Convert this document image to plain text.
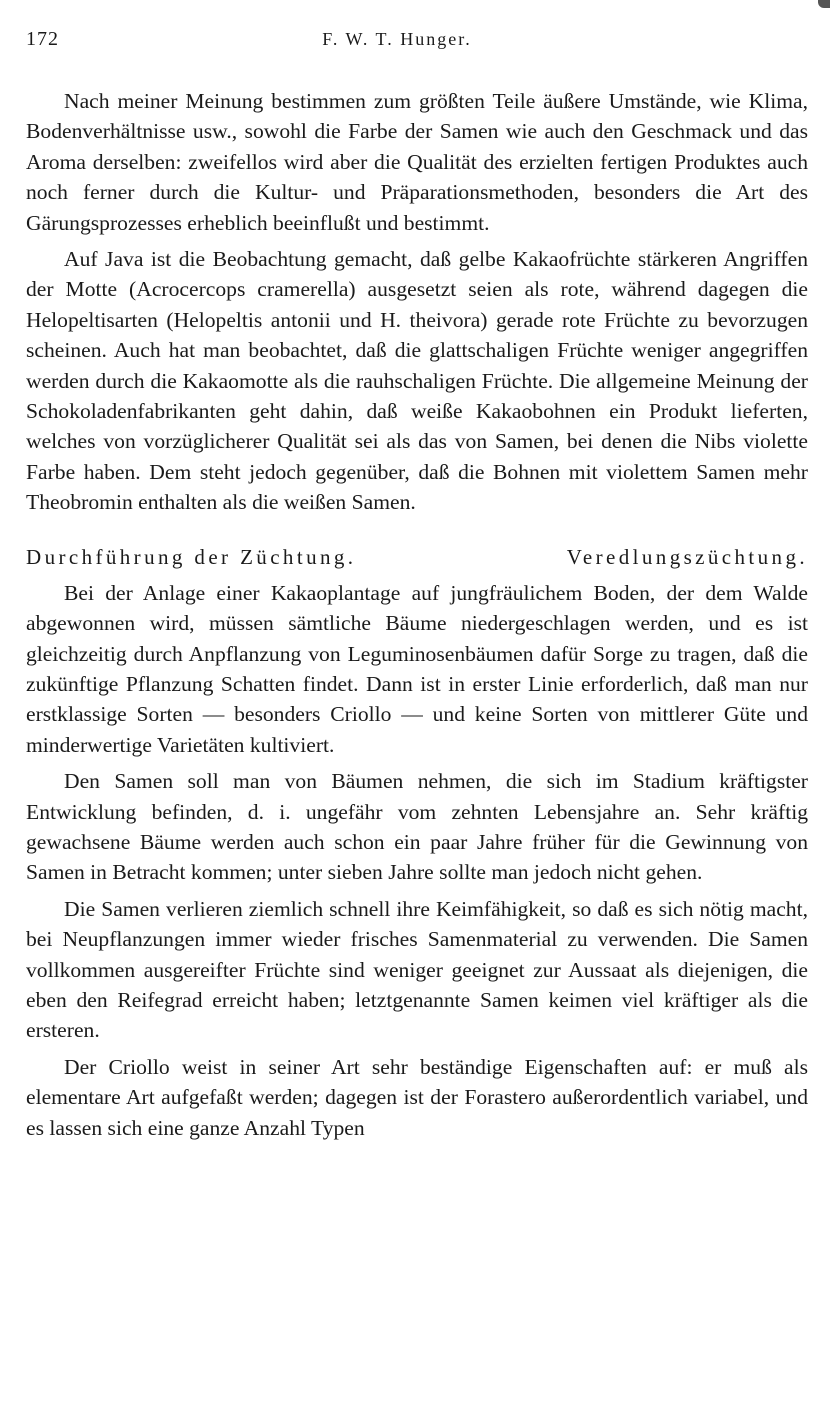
172	F. W. T. Hunger.

Nach meiner Meinung bestimmen zum größten Teile äußere Umstände, wie Klima, Bodenverhältnisse usw., sowohl die Farbe der Samen wie auch den Geschmack und das Aroma derselben: zweifellos wird aber die Qualität des erzielten fertigen Produktes auch noch ferner durch die Kultur- und Präparationsmethoden, besonders die Art des Gärungsprozesses erheblich beeinflußt und bestimmt.

Auf Java ist die Beobachtung gemacht, daß gelbe Kakaofrüchte stärkeren Angriffen der Motte (Acrocercops cramerella) ausgesetzt seien als rote, während dagegen die Helopeltisarten (Helopeltis antonii und H. theivora) gerade rote Früchte zu bevorzugen scheinen. Auch hat man beobachtet, daß die glattschaligen Früchte weniger angegriffen werden durch die Kakaomotte als die rauhschaligen Früchte. Die allgemeine Meinung der Schokoladenfabrikanten geht dahin, daß weiße Kakaobohnen ein Produkt lieferten, welches von vorzüglicherer Qualität sei als das von Samen, bei denen die Nibs violette Farbe haben. Dem steht jedoch gegenüber, daß die Bohnen mit violettem Samen mehr Theobromin enthalten als die weißen Samen.

Durchführung der Züchtung.	Veredlungszüchtung.

Bei der Anlage einer Kakaoplantage auf jungfräulichem Boden, der dem Walde abgewonnen wird, müssen sämtliche Bäume niedergeschlagen werden, und es ist gleichzeitig durch Anpflanzung von Leguminosenbäumen dafür Sorge zu tragen, daß die zukünftige Pflanzung Schatten findet. Dann ist in erster Linie erforderlich, daß man nur erstklassige Sorten — besonders Criollo — und keine Sorten von mittlerer Güte und minderwertige Varietäten kultiviert.

Den Samen soll man von Bäumen nehmen, die sich im Stadium kräftigster Entwicklung befinden, d. i. ungefähr vom zehnten Lebensjahre an. Sehr kräftig gewachsene Bäume werden auch schon ein paar Jahre früher für die Gewinnung von Samen in Betracht kommen; unter sieben Jahre sollte man jedoch nicht gehen.

Die Samen verlieren ziemlich schnell ihre Keimfähigkeit, so daß es sich nötig macht, bei Neupflanzungen immer wieder frisches Samenmaterial zu verwenden. Die Samen vollkommen ausgereifter Früchte sind weniger geeignet zur Aussaat als diejenigen, die eben den Reifegrad erreicht haben; letztgenannte Samen keimen viel kräftiger als die ersteren.

Der Criollo weist in seiner Art sehr beständige Eigenschaften auf: er muß als elementare Art aufgefaßt werden; dagegen ist der Forastero außerordentlich variabel, und es lassen sich eine ganze Anzahl Typen
